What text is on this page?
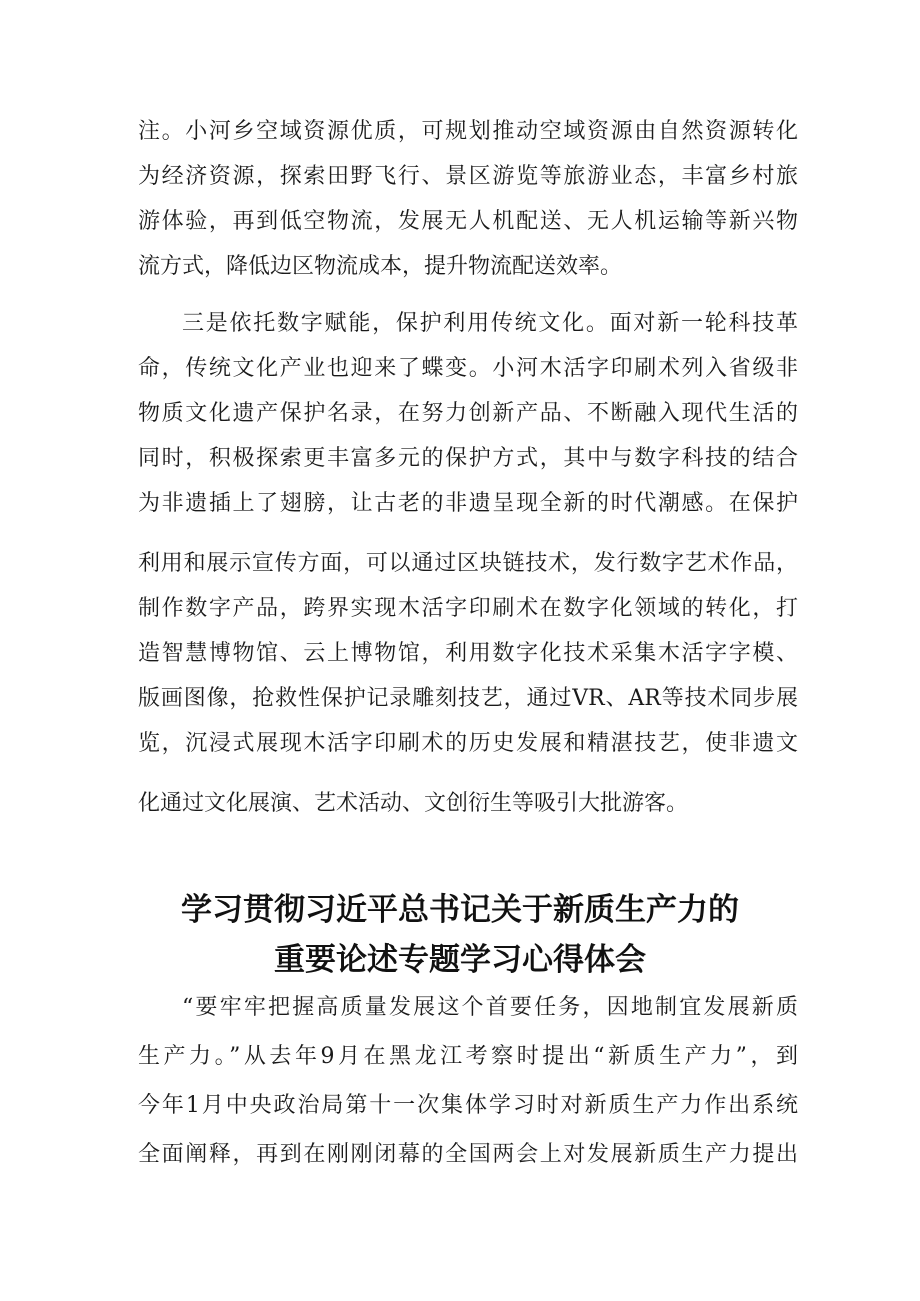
注。小河乡空域资源优质，可规划推动空域资源由自然资源转化
为经济资源，探索田野飞行、景区游览等旅游业态，丰富乡村旅
游体验，再到低空物流，发展无人机配送、无人机运输等新兴物
流方式，降低边区物流成本，提升物流配送效率。
三是依托数字赋能，保护利用传统文化。面对新一轮科技革
命，传统文化产业也迎来了蝶变。小河木活字印刷术列入省级非
物质文化遗产保护名录，在努力创新产品、不断融入现代生活的
同时，积极探索更丰富多元的保护方式，其中与数字科技的结合
为非遗插上了翅膀，让古老的非遗呈现全新的时代潮感。在保护
利用和展示宣传方面，可以通过区块链技术，发行数字艺术作品，
制作数字产品，跨界实现木活字印刷术在数字化领域的转化，打
造智慧博物馆、云上博物馆，利用数字化技术采集木活字字模、
版画图像，抢救性保护记录雕刻技艺，通过VR、AR等技术同步展
览，沉浸式展现木活字印刷术的历史发展和精湛技艺，使非遗文
化通过文化展演、艺术活动、文创衍生等吸引大批游客。
学习贯彻习近平总书记关于新质生产力的
重要论述专题学习心得体会
“要牢牢把握高质量发展这个首要任务，因地制宜发展新质
生产力。”从去年9月在黑龙江考察时提出“新质生产力”，到
今年1月中央政治局第十一次集体学习时对新质生产力作出系统
全面阐释，再到在刚刚闭幕的全国两会上对发展新质生产力提出
